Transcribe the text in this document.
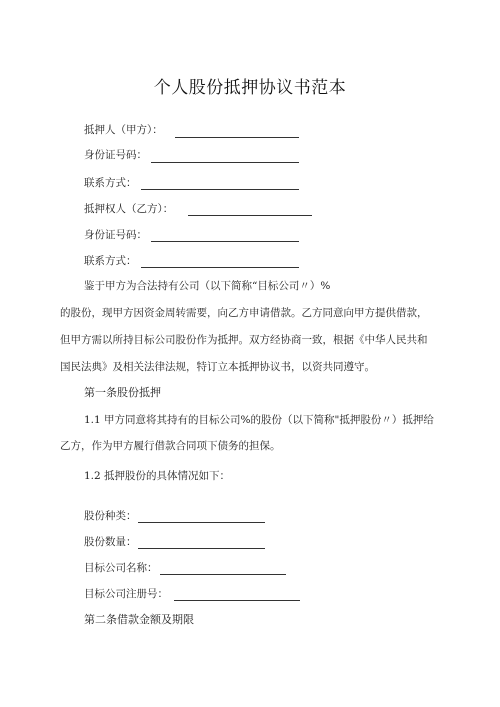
个人股份抵押协议书范本
抵押人（甲方）：
身份证号码：
联系方式：
抵押权人（乙方）：
身份证号码：
联系方式：
鉴于甲方为合法持有公司（以下简称“目标公司〃）%
的股份，现甲方因资金周转需要，向乙方申请借款。乙方同意向甲方提供借款，
但甲方需以所持目标公司股份作为抵押。双方经协商一致，根据《中华人民共和
国民法典》及相关法律法规，特订立本抵押协议书，以资共同遵守。
第一条股份抵押
1.1 甲方同意将其持有的目标公司%的股份（以下简称"抵押股份〃）抵押给
乙方，作为甲方履行借款合同项下债务的担保。
1.2 抵押股份的具体情况如下：
股份种类：
股份数量：
目标公司名称：
目标公司注册号：
第二条借款金额及期限
